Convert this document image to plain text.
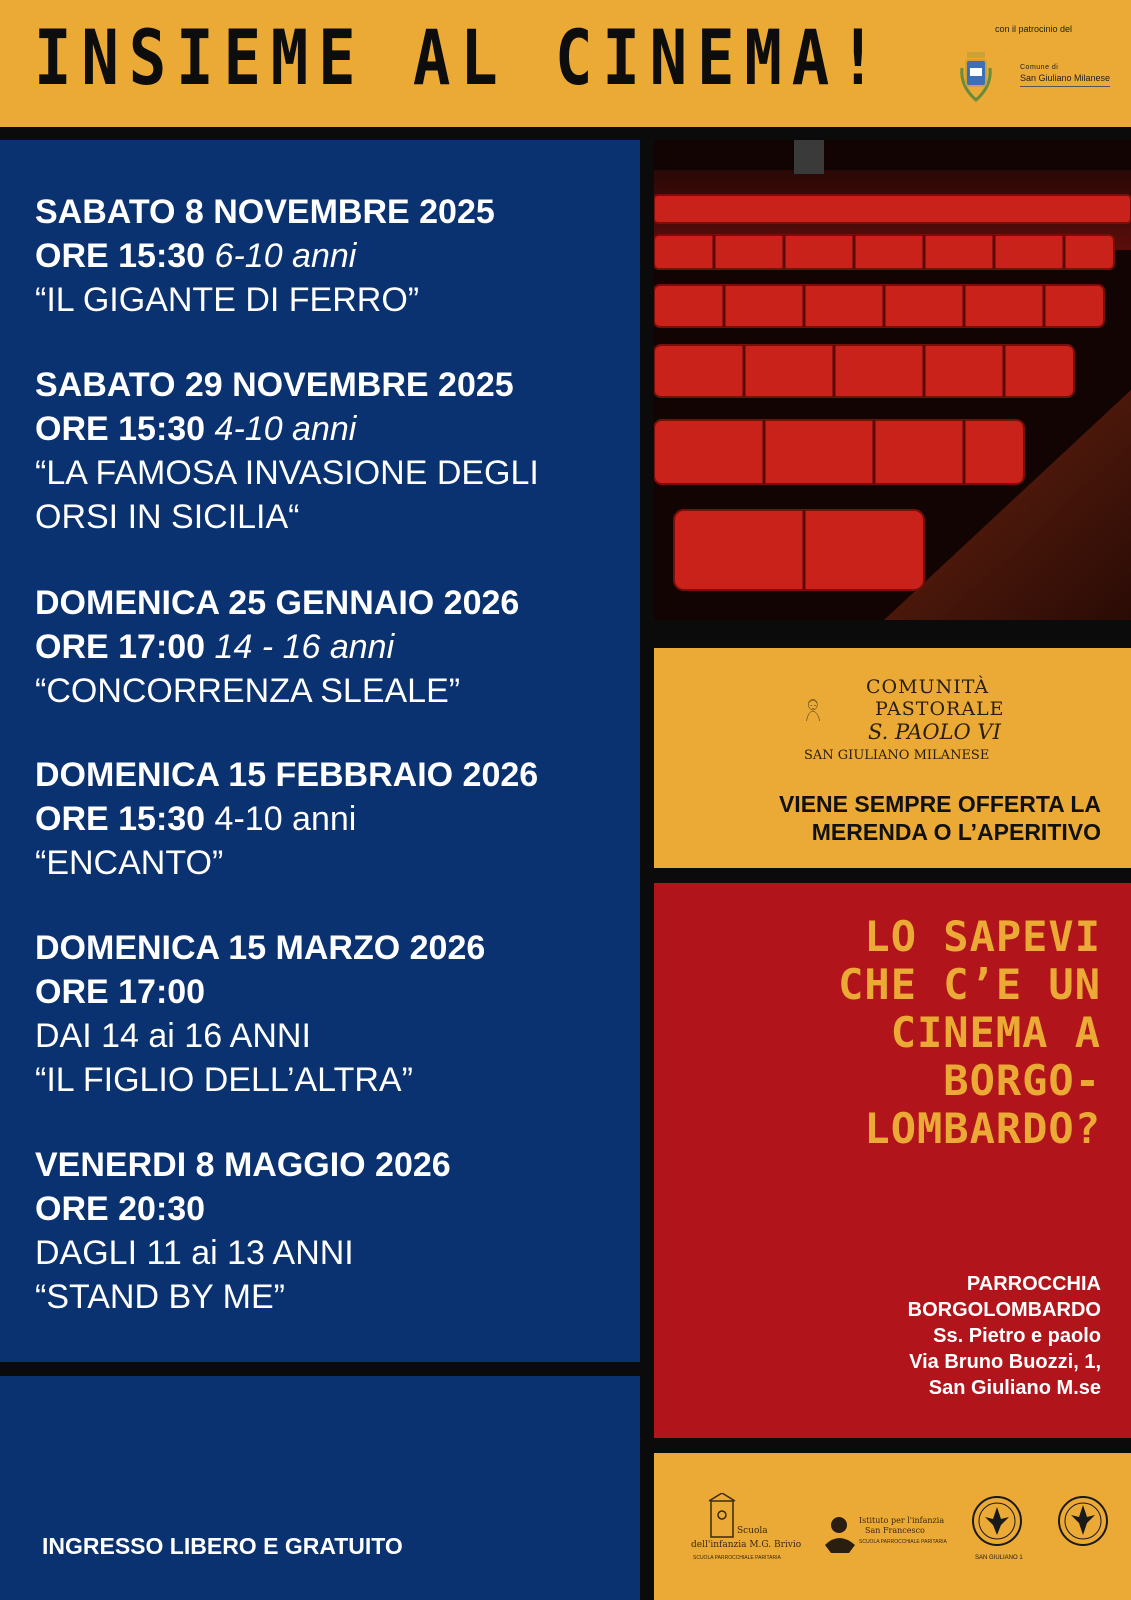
INSIEME AL CINEMA!	con il patrocinio del
Comune di
San Giuliano Milanese
SABATO 8 NOVEMBRE 2025
ORE 15:30 6-10 anni
“IL GIGANTE DI FERRO”
SABATO 29 NOVEMBRE 2025
ORE 15:30 4-10 anni
“LA FAMOSA INVASIONE DEGLI
ORSI IN SICILIA“
DOMENICA 25 GENNAIO 2026
ORE 17:00 14 - 16 anni
“CONCORRENZA SLEALE”
DOMENICA 15 FEBBRAIO 2026
ORE 15:30 4-10 anni
“ENCANTO”
DOMENICA 15 MARZO 2026
ORE 17:00
DAI 14 ai 16 ANNI
“IL FIGLIO DELL’ALTRA”
VENERDI 8 MAGGIO 2026
ORE 20:30
DAGLI 11 ai 13 ANNI
“STAND BY ME”
INGRESSO LIBERO E GRATUITO
COMUNITÀ
PASTORALE
S. PAOLO VI
SAN GIULIANO MILANESE
VIENE SEMPRE OFFERTA LA
MERENDA O L’APERITIVO
LO SAPEVI
CHE C’E UN
CINEMA A
BORGO-
LOMBARDO?
PARROCCHIA
BORGOLOMBARDO
Ss. Pietro e paolo
Via Bruno Buozzi, 1,
San Giuliano M.se
dell'infanzia M.G. Brivio
Scuola
SCUOLA PARROCCHIALE PARITARIA
Istituto per l'infanzia
San Francesco
SCUOLA PARROCCHIALE PARITARIA
SAN GIULIANO 1
